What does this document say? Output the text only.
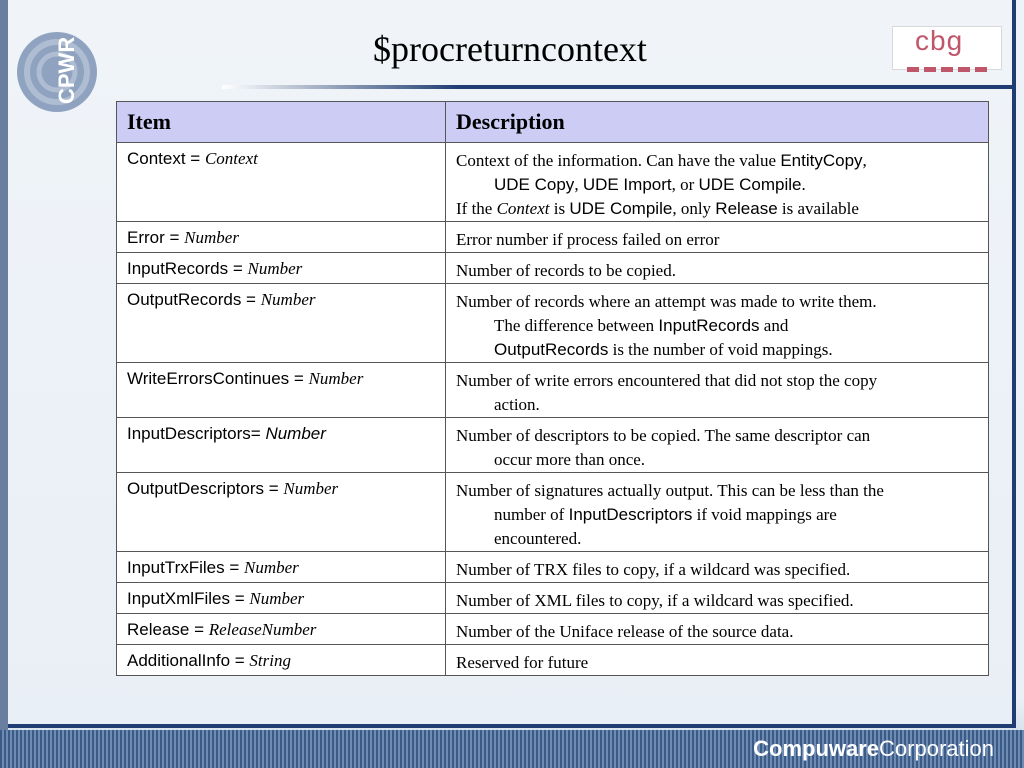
CPWR	$procreturncontext	cbg
Item	Description
Context = Context	Context of the information. Can have the value EntityCopy,
UDE Copy, UDE Import, or UDE Compile.
If the Context is UDE Compile, only Release is available

Error = Number	Error number if process failed on error

InputRecords = Number	Number of records to be copied.

OutputRecords = Number	Number of records where an attempt was made to write them.
The difference between InputRecords and
OutputRecords is the number of void mappings.

WriteErrorsContinues = Number	Number of write errors encountered that did not stop the copy
action.

InputDescriptors= Number	Number of descriptors to be copied. The same descriptor can
occur more than once.

OutputDescriptors = Number	Number of signatures actually output. This can be less than the
number of InputDescriptors if void mappings are
encountered.

InputTrxFiles = Number	Number of TRX files to copy, if a wildcard was specified.

InputXmlFiles = Number	Number of XML files to copy, if a wildcard was specified.

Release = ReleaseNumber	Number of the Uniface release of the source data.

AdditionalInfo = String	Reserved for future
CompuwareCorporation
